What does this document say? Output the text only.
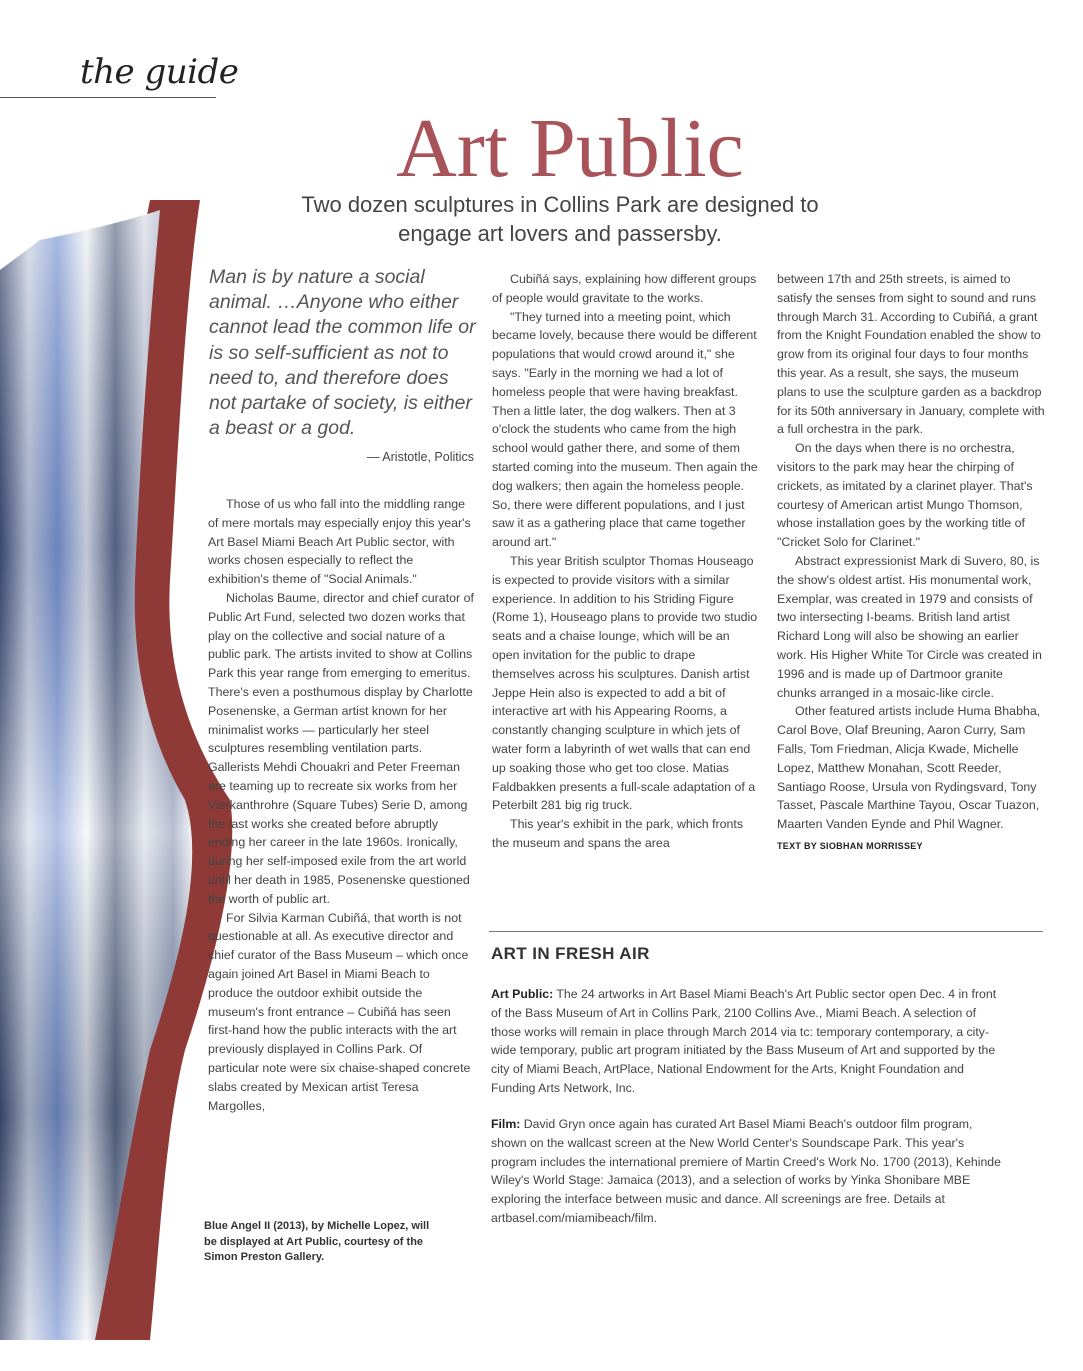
the guide
Art Public
Two dozen sculptures in Collins Park are designed to engage art lovers and passersby.
Man is by nature a social animal. …Anyone who either cannot lead the common life or is so self-sufficient as not to need to, and therefore does not partake of society, is either a beast or a god.
— Aristotle, Politics

Those of us who fall into the middling range of mere mortals may especially enjoy this year's Art Basel Miami Beach Art Public sector, with works chosen especially to reflect the exhibition's theme of "Social Animals."

Nicholas Baume, director and chief curator of Public Art Fund, selected two dozen works that play on the collective and social nature of a public park. The artists invited to show at Collins Park this year range from emerging to emeritus. There's even a posthumous display by Charlotte Posenenske, a German artist known for her minimalist works — particularly her steel sculptures resembling ventilation parts. Gallerists Mehdi Chouakri and Peter Freeman are teaming up to recreate six works from her Vierkanthrohre (Square Tubes) Serie D, among the last works she created before abruptly ending her career in the late 1960s. Ironically, during her self-imposed exile from the art world until her death in 1985, Posenenske questioned the worth of public art.

For Silvia Karman Cubiñá, that worth is not questionable at all. As executive director and chief curator of the Bass Museum – which once again joined Art Basel in Miami Beach to produce the outdoor exhibit outside the museum's front entrance – Cubiñá has seen first-hand how the public interacts with the art previously displayed in Collins Park. Of particular note were six chaise-shaped concrete slabs created by Mexican artist Teresa Margolles,

Cubiñá says, explaining how different groups of people would gravitate to the works.

"They turned into a meeting point, which became lovely, because there would be different populations that would crowd around it," she says. "Early in the morning we had a lot of homeless people that were having breakfast. Then a little later, the dog walkers. Then at 3 o'clock the students who came from the high school would gather there, and some of them started coming into the museum. Then again the dog walkers; then again the homeless people. So, there were different populations, and I just saw it as a gathering place that came together around art."

This year British sculptor Thomas Houseago is expected to provide visitors with a similar experience. In addition to his Striding Figure (Rome 1), Houseago plans to provide two studio seats and a chaise lounge, which will be an open invitation for the public to drape themselves across his sculptures. Danish artist Jeppe Hein also is expected to add a bit of interactive art with his Appearing Rooms, a constantly changing sculpture in which jets of water form a labyrinth of wet walls that can end up soaking those who get too close. Matias Faldbakken presents a full-scale adaptation of a Peterbilt 281 big rig truck.

This year's exhibit in the park, which fronts the museum and spans the area

between 17th and 25th streets, is aimed to satisfy the senses from sight to sound and runs through March 31. According to Cubiñá, a grant from the Knight Foundation enabled the show to grow from its original four days to four months this year. As a result, she says, the museum plans to use the sculpture garden as a backdrop for its 50th anniversary in January, complete with a full orchestra in the park.

On the days when there is no orchestra, visitors to the park may hear the chirping of crickets, as imitated by a clarinet player. That's courtesy of American artist Mungo Thomson, whose installation goes by the working title of "Cricket Solo for Clarinet."

Abstract expressionist Mark di Suvero, 80, is the show's oldest artist. His monumental work, Exemplar, was created in 1979 and consists of two intersecting I-beams. British land artist Richard Long will also be showing an earlier work. His Higher White Tor Circle was created in 1996 and is made up of Dartmoor granite chunks arranged in a mosaic-like circle.

Other featured artists include Huma Bhabha, Carol Bove, Olaf Breuning, Aaron Curry, Sam Falls, Tom Friedman, Alicja Kwade, Michelle Lopez, Matthew Monahan, Scott Reeder, Santiago Roose, Ursula von Rydingsvard, Tony Tasset, Pascale Marthine Tayou, Oscar Tuazon, Maarten Vanden Eynde and Phil Wagner.

TEXT BY SIOBHAN MORRISSEY
Blue Angel II (2013), by Michelle Lopez, will be displayed at Art Public, courtesy of the Simon Preston Gallery.
ART IN FRESH AIR
Art Public: The 24 artworks in Art Basel Miami Beach's Art Public sector open Dec. 4 in front of the Bass Museum of Art in Collins Park, 2100 Collins Ave., Miami Beach. A selection of those works will remain in place through March 2014 via tc: temporary contemporary, a city-wide temporary, public art program initiated by the Bass Museum of Art and supported by the city of Miami Beach, ArtPlace, National Endowment for the Arts, Knight Foundation and Funding Arts Network, Inc.
Film: David Gryn once again has curated Art Basel Miami Beach's outdoor film program, shown on the wallcast screen at the New World Center's Soundscape Park. This year's program includes the international premiere of Martin Creed's Work No. 1700 (2013), Kehinde Wiley's World Stage: Jamaica (2013), and a selection of works by Yinka Shonibare MBE exploring the interface between music and dance. All screenings are free. Details at artbasel.com/miamibeach/film.
